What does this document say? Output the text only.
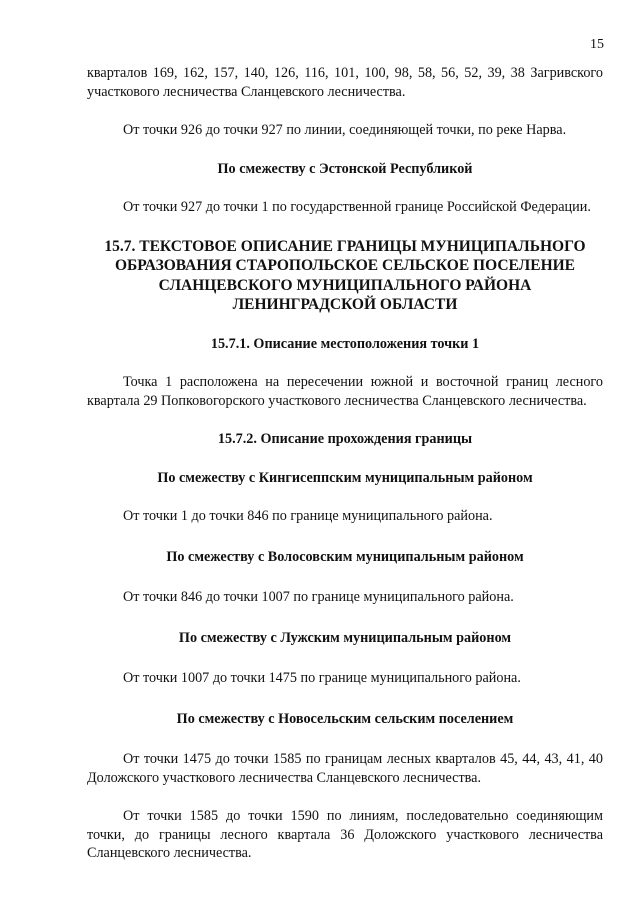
15

кварталов 169, 162, 157, 140, 126, 116, 101, 100, 98, 58, 56, 52, 39, 38 Загривского участкового лесничества Сланцевского лесничества.

От точки 926 до точки 927 по линии, соединяющей точки, по реке Нарва.

По смежеству с Эстонской Республикой

От точки 927 до точки 1 по государственной границе Российской Федерации.

15.7. ТЕКСТОВОЕ ОПИСАНИЕ ГРАНИЦЫ МУНИЦИПАЛЬНОГО ОБРАЗОВАНИЯ СТАРОПОЛЬСКОЕ СЕЛЬСКОЕ ПОСЕЛЕНИЕ СЛАНЦЕВСКОГО МУНИЦИПАЛЬНОГО РАЙОНА ЛЕНИНГРАДСКОЙ ОБЛАСТИ

15.7.1. Описание местоположения точки 1

Точка 1 расположена на пересечении южной и восточной границ лесного квартала 29 Попковогорского участкового лесничества Сланцевского лесничества.

15.7.2. Описание прохождения границы

По смежеству с Кингисеппским муниципальным районом

От точки 1 до точки 846 по границе муниципального района.

По смежеству с Волосовским муниципальным районом

От точки 846 до точки 1007 по границе муниципального района.

По смежеству с Лужским муниципальным районом

От точки 1007 до точки 1475 по границе муниципального района.

По смежеству с Новосельским сельским поселением

От точки 1475 до точки 1585 по границам лесных кварталов 45, 44, 43, 41, 40 Доложского участкового лесничества Сланцевского лесничества.

От точки 1585 до точки 1590 по линиям, последовательно соединяющим точки, до границы лесного квартала 36 Доложского участкового лесничества Сланцевского лесничества.
